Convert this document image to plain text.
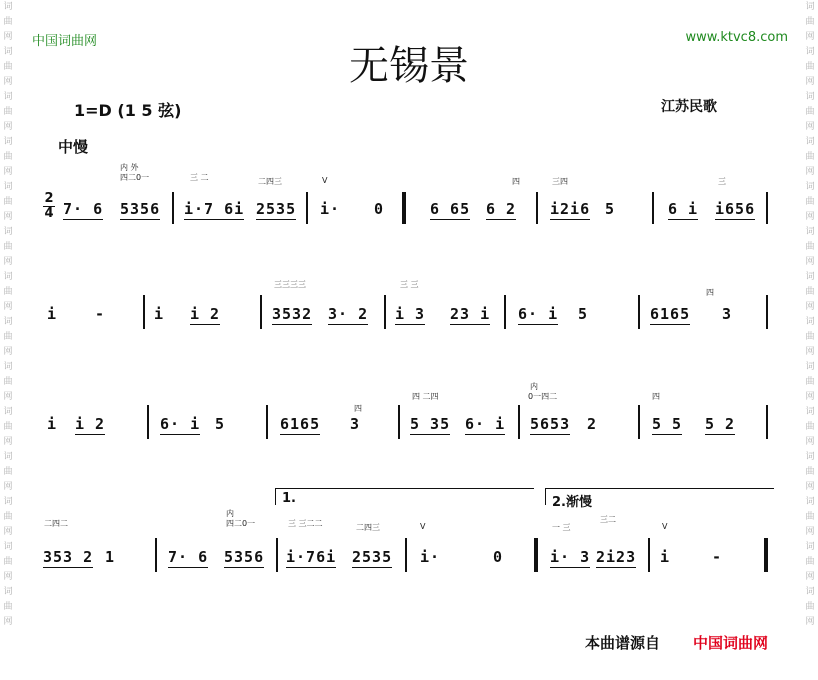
词曲网词曲网词曲网词曲网词曲网词曲网词曲网词曲网词曲网词曲网词曲网词曲网词曲网词曲网
词曲网词曲网词曲网词曲网词曲网词曲网词曲网词曲网词曲网词曲网词曲网词曲网词曲网词曲网
中国词曲网	www.ktvc8.com
无锡景
1=D (1 5 弦)	江苏民歌
中慢
2
4
内 外
四二0一	三 二	二四三	V	四	三四	三
7· 6 5356 i·7 6i 2535 i· 0	6 65 6 2 i2i6 5	6 i i656
三三三三	三 三
四
i	-	i i 2	3532 3· 2 i 3 23 i 6· i 5	6165 3
内
0一四二
四 二四
四
四
i i 2	6· i 5	6165 3	5 35 6· i 5653 2	5 5 5 2
1.	2.渐慢
二四二
内
四二0一	三 三二二	二四三	V	一 三
三二
V
353 2 1	7· 6 5356 i·76i 2535 i·	0	i· 3 2i23 i	-
本曲谱源自 中国词曲网
